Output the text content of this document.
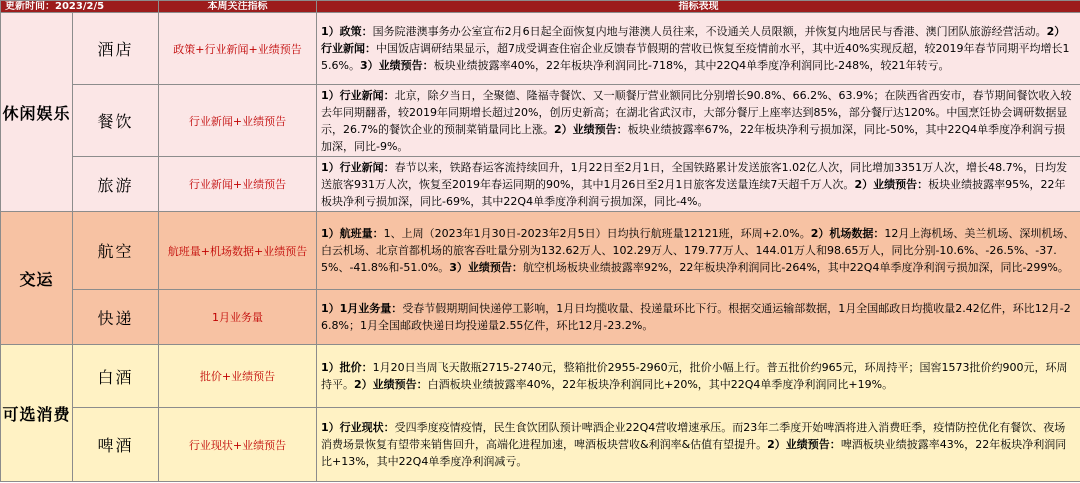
更新时间：2023/2/5		本周关注指标	指标表现
休闲娱乐	酒店	政策+行业新闻+业绩预告	1）政策：国务院港澳事务办公室宣布2月6日起全面恢复内地与港澳人员往来，不设通关人员限额，并恢复内地居民与香港、澳门团队旅游经营活动。2）行业新闻：中国饭店调研结果显示，超7成受调查住宿企业反馈春节假期的营收已恢复至疫情前水平，其中近40%实现反超，较2019年春节同期平均增长15.6%。3）业绩预告：板块业绩披露率40%，22年板块净利润同比-718%，其中22Q4单季度净利润同比-248%，较21年转亏。
	餐饮	行业新闻+业绩预告	1）行业新闻：北京，除夕当日，全聚德、隆福寺餐饮、又一顺餐厅营业额同比分别增长90.8%、66.2%、63.9%；在陕西省西安市，春节期间餐饮收入较去年同期翻番，较2019年同期增长超过20%，创历史新高；在湖北省武汉市，大部分餐厅上座率达到85%，部分餐厅达120%。中国烹饪协会调研数据显示，26.7%的餐饮企业的预制菜销量同比上涨。2）业绩预告：板块业绩披露率67%，22年板块净利亏损加深，同比-50%，其中22Q4单季度净利润亏损加深，同比-9%。
	旅游	行业新闻+业绩预告	1）行业新闻：春节以来，铁路春运客流持续回升，1月22日至2月1日，全国铁路累计发送旅客1.02亿人次，同比增加3351万人次，增长48.7%，日均发送旅客931万人次，恢复至2019年春运同期的90%，其中1月26日至2月1日旅客发送量连续7天超千万人次。2）业绩预告：板块业绩披露率95%，22年板块净利亏损加深，同比-69%，其中22Q4单季度净利润亏损加深，同比-4%。
交运	航空	航班量+机场数据+业绩预告	1）航班量：1、上周（2023年1月30日-2023年2月5日）日均执行航班量12121班，环周+2.0%。2）机场数据：12月上海机场、美兰机场、深圳机场、白云机场、北京首都机场的旅客吞吐量分别为132.62万人、102.29万人、179.77万人、144.01万人和98.65万人，同比分别-10.6%、-26.5%、-37.5%、-41.8%和-51.0%。3）业绩预告：航空机场板块业绩披露率92%，22年板块净利润同比-264%，其中22Q4单季度净利润亏损加深，同比-299%。
	快递	1月业务量	1）1月业务量：受春节假期期间快递停工影响，1月日均揽收量、投递量环比下行。根据交通运输部数据，1月全国邮政日均揽收量2.42亿件，环比12月-26.8%；1月全国邮政快递日均投递量2.55亿件，环比12月-23.2%。
可选消费	白酒	批价+业绩预告	1）批价：1月20日当周飞天散瓶2715-2740元，整箱批价2955-2960元，批价小幅上行。普五批价约965元，环周持平；国窖1573批价约900元，环周持平。2）业绩预告：白酒板块业绩披露率40%，22年板块净利润同比+20%，其中22Q4单季度净利润同比+19%。
	啤酒	行业现状+业绩预告	1）行业现状：受四季度疫情疫情，民生食饮团队预计啤酒企业22Q4营收增速承压。而23年二季度开始啤酒将进入消费旺季，疫情防控优化有餐饮、夜场消费场景恢复有望带来销售回升，高端化进程加速，啤酒板块营收&利润率&估值有望提升。2）业绩预告：啤酒板块业绩披露率43%，22年板块净利润同比+13%，其中22Q4单季度净利润减亏。
